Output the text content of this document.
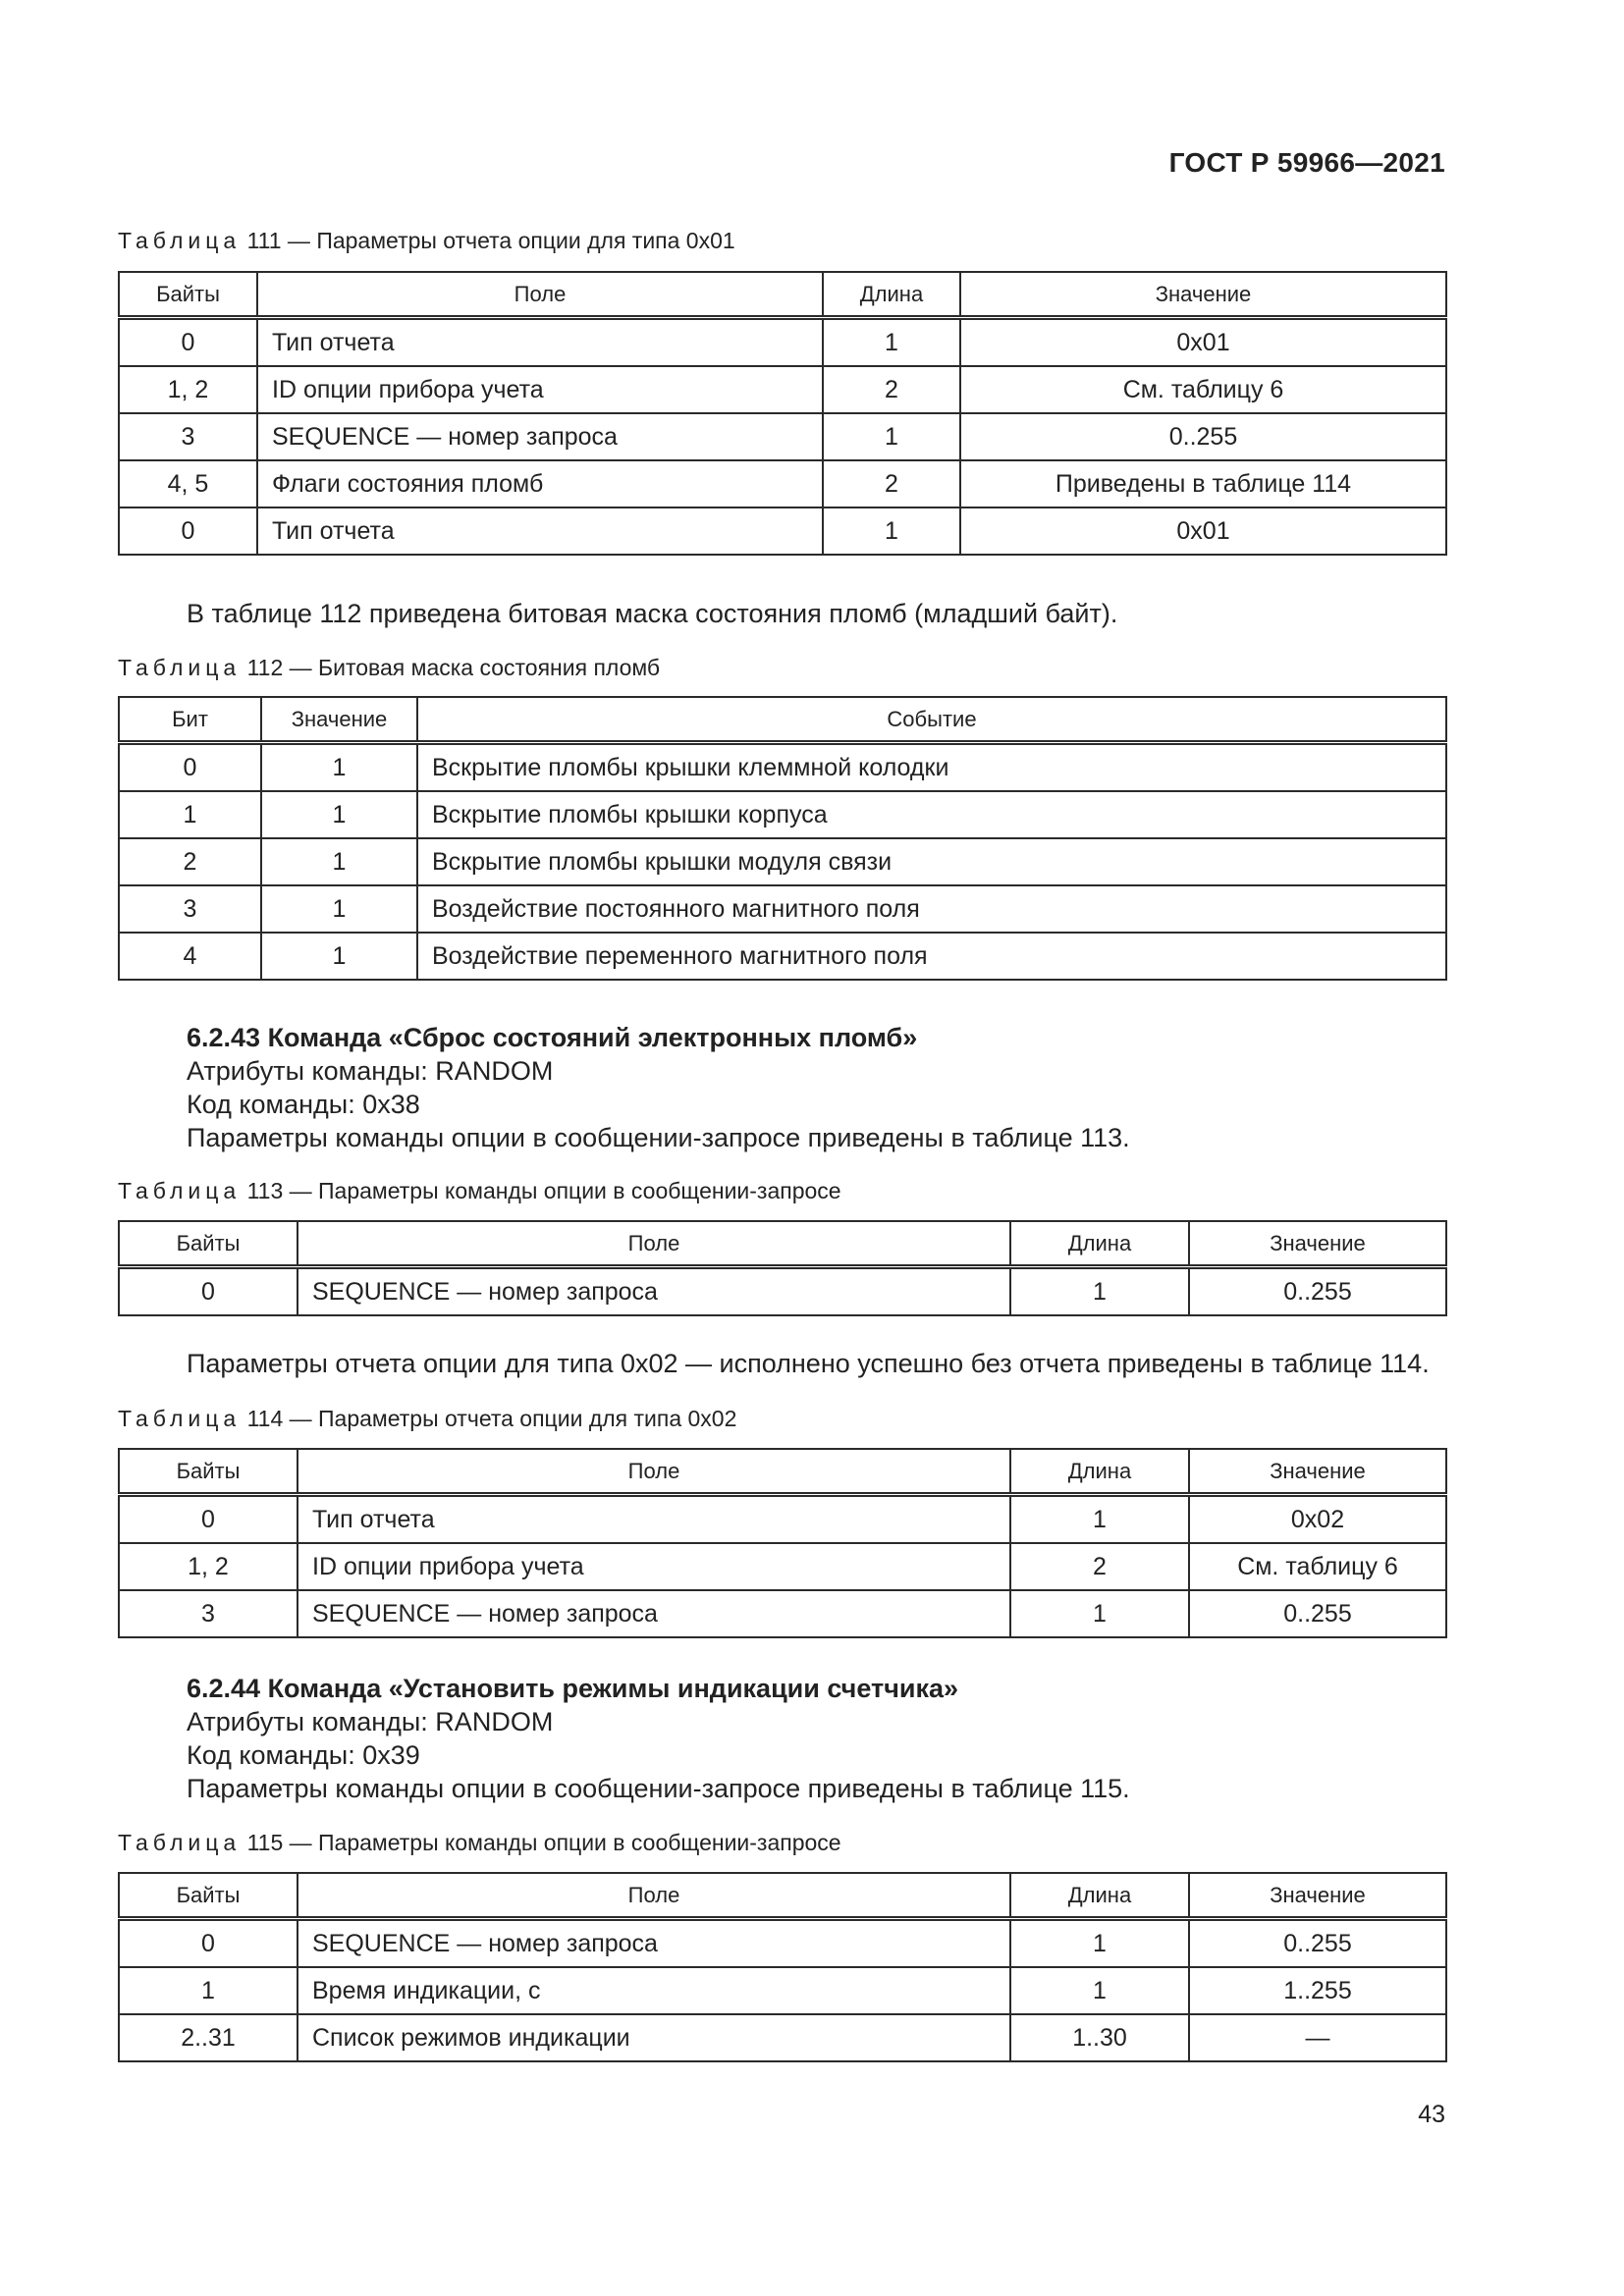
ГОСТ Р 59966—2021
Таблица 111 — Параметры отчета опции для типа 0x01
Байты	Поле	Длина	Значение
0	Тип отчета	1	0x01
1, 2	ID опции прибора учета	2	См. таблицу 6
3	SEQUENCE — номер запроса	1	0..255
4, 5	Флаги состояния пломб	2	Приведены в таблице 114
0	Тип отчета	1	0x01
В таблице 112 приведена битовая маска состояния пломб (младший байт).
Таблица 112 — Битовая маска состояния пломб
Бит	Значение	Событие
0	1	Вскрытие пломбы крышки клеммной колодки
1	1	Вскрытие пломбы крышки корпуса
2	1	Вскрытие пломбы крышки модуля связи
3	1	Воздействие постоянного магнитного поля
4	1	Воздействие переменного магнитного поля
6.2.43 Команда «Сброс состояний электронных пломб»
Атрибуты команды: RANDOM
Код команды: 0x38
Параметры команды опции в сообщении-запросе приведены в таблице 113.
Таблица 113 — Параметры команды опции в сообщении-запросе
Байты	Поле	Длина	Значение
0	SEQUENCE — номер запроса	1	0..255
Параметры отчета опции для типа 0x02 — исполнено успешно без отчета приведены в таблице 114.
Таблица 114 — Параметры отчета опции для типа 0x02
Байты	Поле	Длина	Значение
0	Тип отчета	1	0x02
1, 2	ID опции прибора учета	2	См. таблицу 6
3	SEQUENCE — номер запроса	1	0..255
6.2.44 Команда «Установить режимы индикации счетчика»
Атрибуты команды: RANDOM
Код команды: 0x39
Параметры команды опции в сообщении-запросе приведены в таблице 115.
Таблица 115 — Параметры команды опции в сообщении-запросе
Байты	Поле	Длина	Значение
0	SEQUENCE — номер запроса	1	0..255
1	Время индикации, с	1	1..255
2..31	Список режимов индикации	1..30	—
43
